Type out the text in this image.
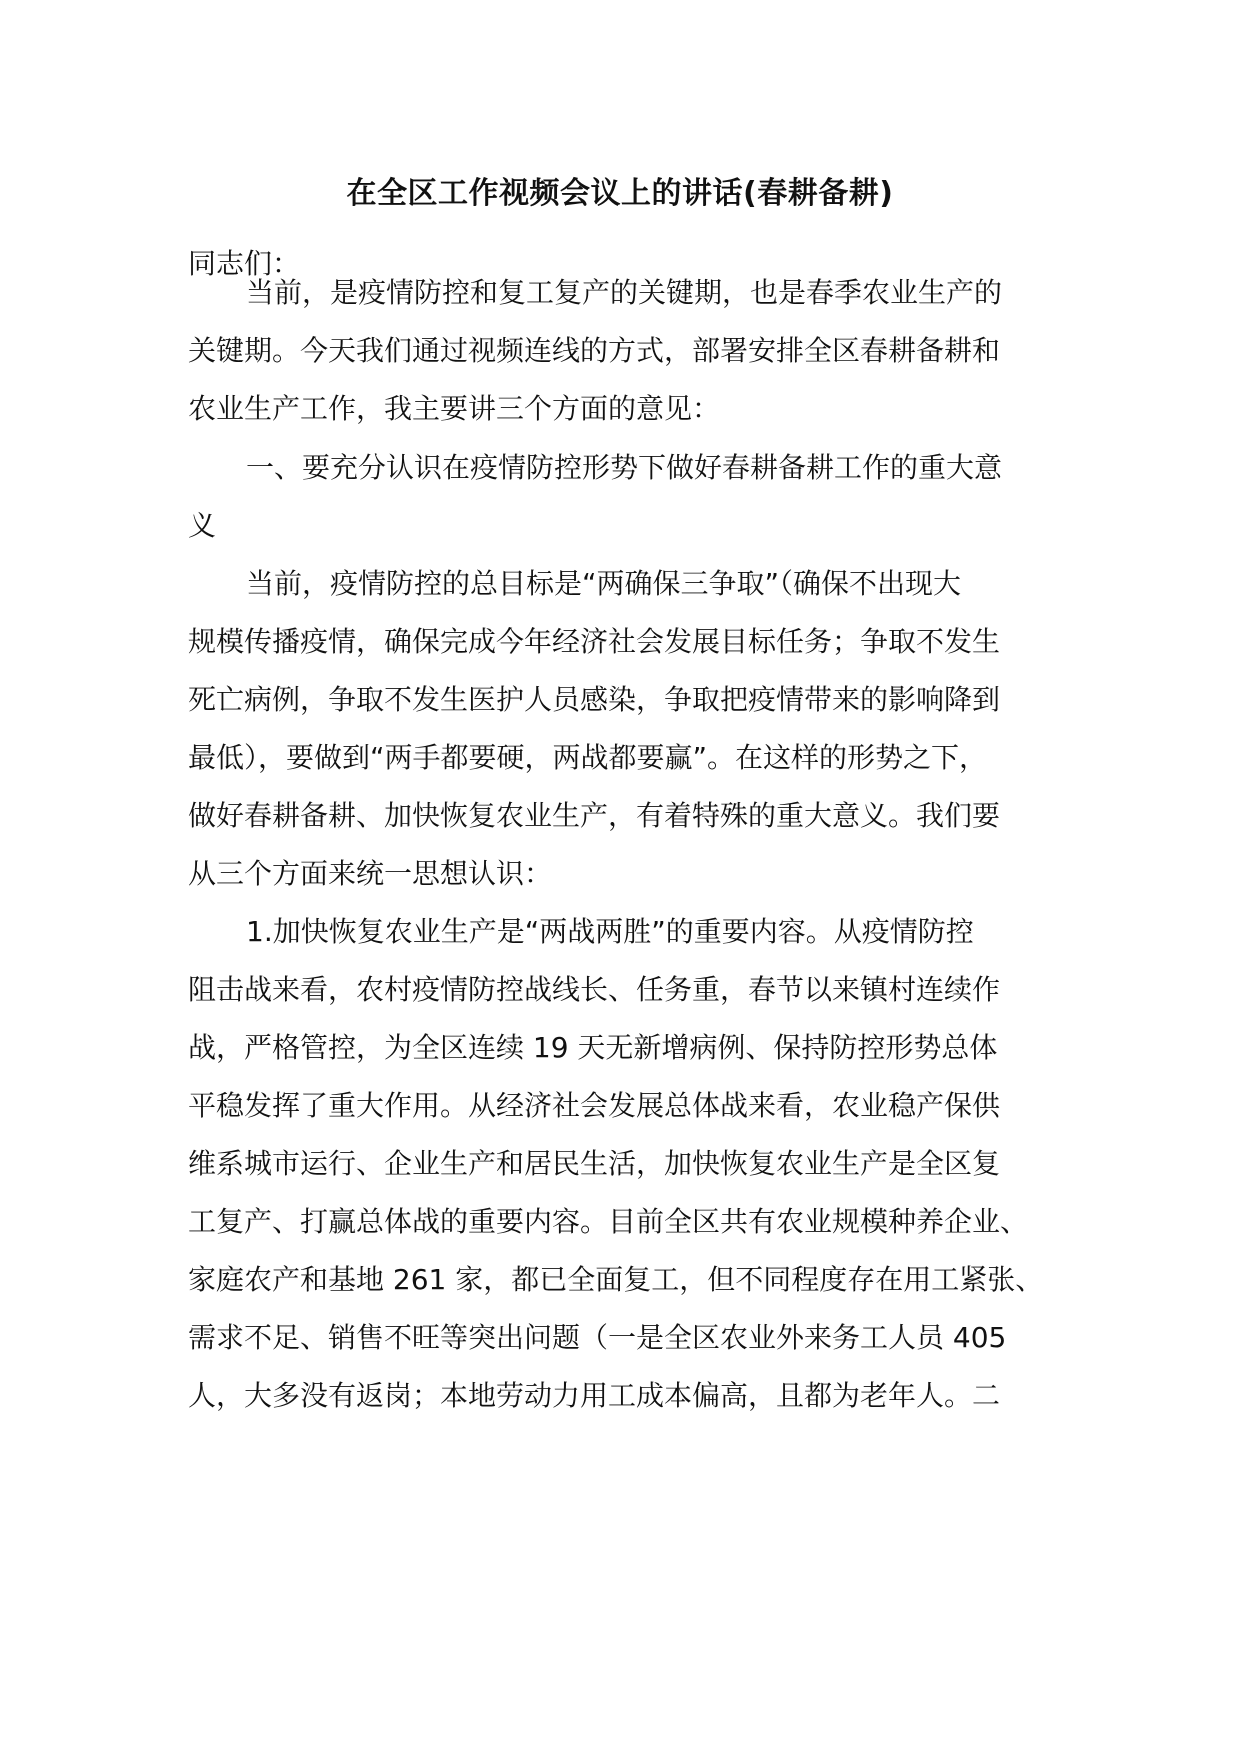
在全区工作视频会议上的讲话(春耕备耕)

同志们：

当前，是疫情防控和复工复产的关键期，也是春季农业生产的

关键期。今天我们通过视频连线的方式，部署安排全区春耕备耕和

农业生产工作，我主要讲三个方面的意见：

一、要充分认识在疫情防控形势下做好春耕备耕工作的重大意

义

当前，疫情防控的总目标是“两确保三争取”（确保不出现大

规模传播疫情，确保完成今年经济社会发展目标任务；争取不发生

死亡病例，争取不发生医护人员感染，争取把疫情带来的影响降到

最低），要做到“两手都要硬，两战都要赢”。在这样的形势之下，

做好春耕备耕、加快恢复农业生产，有着特殊的重大意义。我们要

从三个方面来统一思想认识：

1.加快恢复农业生产是“两战两胜”的重要内容。从疫情防控

阻击战来看，农村疫情防控战线长、任务重，春节以来镇村连续作

战，严格管控，为全区连续 19 天无新增病例、保持防控形势总体

平稳发挥了重大作用。从经济社会发展总体战来看，农业稳产保供

维系城市运行、企业生产和居民生活，加快恢复农业生产是全区复

工复产、打赢总体战的重要内容。目前全区共有农业规模种养企业、

家庭农产和基地 261 家，都已全面复工，但不同程度存在用工紧张、

需求不足、销售不旺等突出问题（一是全区农业外来务工人员 405

人，大多没有返岗；本地劳动力用工成本偏高，且都为老年人。二
